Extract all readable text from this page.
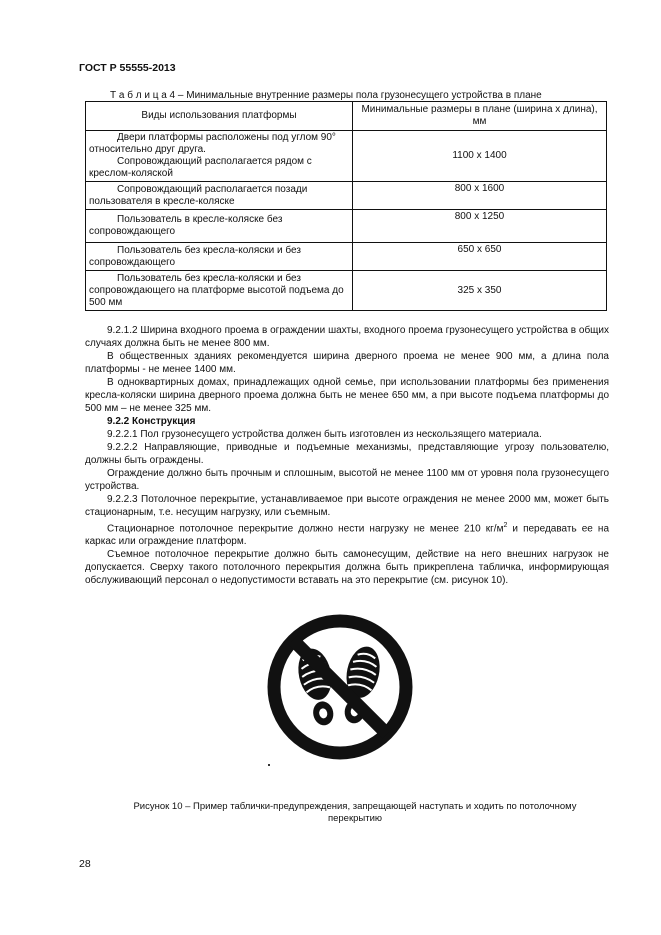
ГОСТ Р 55555-2013
Т а б л и ц а 4 – Минимальные внутренние размеры пола грузонесущего устройства в плане
Виды использования платформы	Минимальные размеры в плане (ширина х длина), мм

Двери платформы расположены под углом 90° относительно друг друга.
Сопровождающий располагается рядом с креслом-коляской	1100 х 1400

Сопровождающий располагается позади пользователя в кресле-коляске	800 х 1600

Пользователь в кресле-коляске без сопровождающего	800 х 1250

Пользователь без кресла-коляски и без сопровождающего	650 х 650

Пользователь без кресла-коляски и без сопровождающего на платформе высотой подъема до 500 мм	325 х 350

9.2.1.2 Ширина входного проема в ограждении шахты, входного проема грузонесущего устройства в общих случаях должна быть не менее 800 мм.

В общественных зданиях рекомендуется ширина дверного проема не менее 900 мм, а длина пола платформы - не менее 1400 мм.

В одноквартирных домах, принадлежащих одной семье, при использовании платформы без применения кресла-коляски ширина дверного проема должна быть не менее 650 мм, а при высоте подъема платформы до 500 мм – не менее 325 мм.

9.2.2 Конструкция

9.2.2.1 Пол грузонесущего устройства должен быть изготовлен из нескользящего материала.

9.2.2.2 Направляющие, приводные и подъемные механизмы, представляющие угрозу пользователю, должны быть ограждены.

Ограждение должно быть прочным и сплошным, высотой не менее 1100 мм от уровня пола грузонесущего устройства.

9.2.2.3 Потолочное перекрытие, устанавливаемое при высоте ограждения не менее 2000 мм, может быть стационарным, т.е. несущим нагрузку, или съемным.

Стационарное потолочное перекрытие должно нести нагрузку не менее 210 $кг/м^2$ и передавать ее на каркас или ограждение платформ.

Съемное потолочное перекрытие должно быть самонесущим, действие на него внешних нагрузок не допускается. Сверху такого потолочного перекрытия должна быть прикреплена табличка, информирующая обслуживающий персонал о недопустимости вставать на это перекрытие (см. рисунок 10).

Рисунок 10 – Пример таблички-предупреждения, запрещающей наступать и ходить по потолочному перекрытию
28
